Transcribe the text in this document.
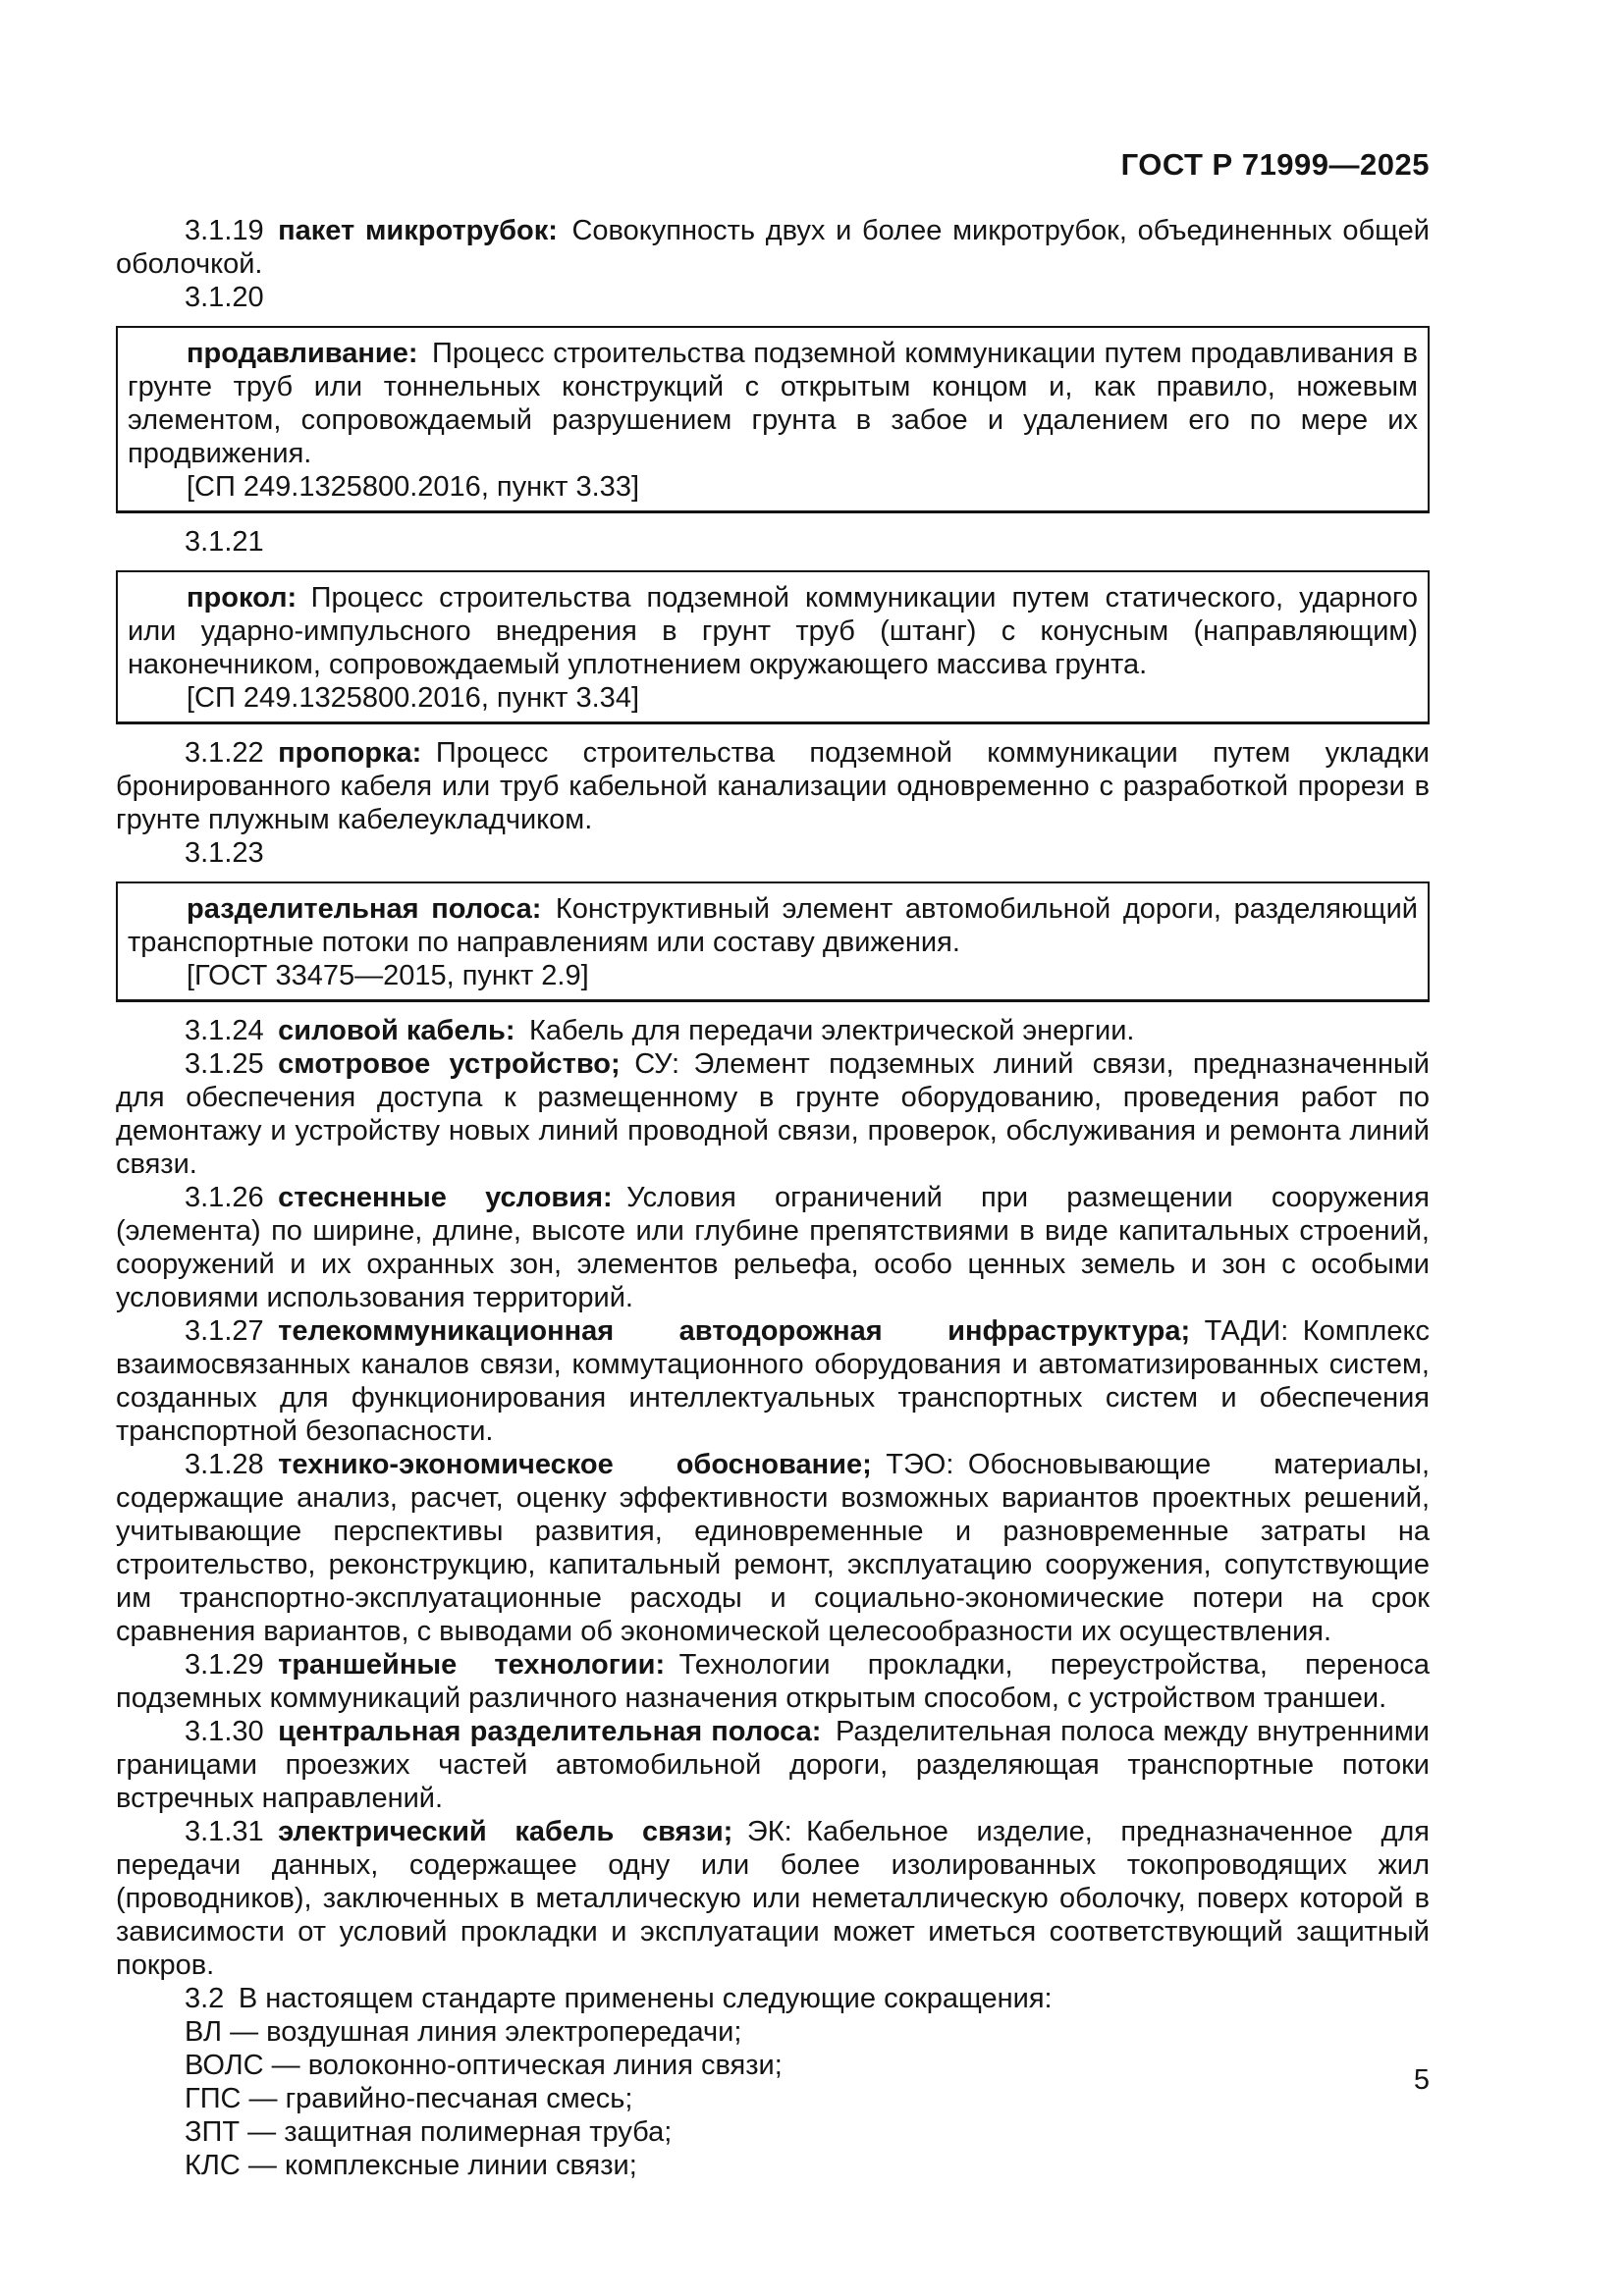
ГОСТ Р 71999—2025

3.1.19 пакет микротрубок: Совокупность двух и более микротрубок, объединенных общей оболочкой.

3.1.20

продавливание: Процесс строительства подземной коммуникации путем продавливания в грунте труб или тоннельных конструкций с открытым концом и, как правило, ножевым элементом, сопровождаемый разрушением грунта в забое и удалением его по мере их продвижения.

[СП 249.1325800.2016, пункт 3.33]

3.1.21

прокол: Процесс строительства подземной коммуникации путем статического, ударного или ударно-импульсного внедрения в грунт труб (штанг) с конусным (направляющим) наконечником, сопровождаемый уплотнением окружающего массива грунта.

[СП 249.1325800.2016, пункт 3.34]

3.1.22 пропорка: Процесс строительства подземной коммуникации путем укладки бронированного кабеля или труб кабельной канализации одновременно с разработкой прорези в грунте плужным кабелеукладчиком.

3.1.23

разделительная полоса: Конструктивный элемент автомобильной дороги, разделяющий транспортные потоки по направлениям или составу движения.

[ГОСТ 33475—2015, пункт 2.9]

3.1.24 силовой кабель: Кабель для передачи электрической энергии.

3.1.25 смотровое устройство; СУ: Элемент подземных линий связи, предназначенный для обеспечения доступа к размещенному в грунте оборудованию, проведения работ по демонтажу и устройству новых линий проводной связи, проверок, обслуживания и ремонта линий связи.

3.1.26 стесненные условия: Условия ограничений при размещении сооружения (элемента) по ширине, длине, высоте или глубине препятствиями в виде капитальных строений, сооружений и их охранных зон, элементов рельефа, особо ценных земель и зон с особыми условиями использования территорий.

3.1.27 телекоммуникационная автодорожная инфраструктура; ТАДИ: Комплекс взаимосвязанных каналов связи, коммутационного оборудования и автоматизированных систем, созданных для функционирования интеллектуальных транспортных систем и обеспечения транспортной безопасности.

3.1.28 технико-экономическое обоснование; ТЭО: Обосновывающие материалы, содержащие анализ, расчет, оценку эффективности возможных вариантов проектных решений, учитывающие перспективы развития, единовременные и разновременные затраты на строительство, реконструкцию, капитальный ремонт, эксплуатацию сооружения, сопутствующие им транспортно-эксплуатационные расходы и социально-экономические потери на срок сравнения вариантов, с выводами об экономической целесообразности их осуществления.

3.1.29 траншейные технологии: Технологии прокладки, переустройства, переноса подземных коммуникаций различного назначения открытым способом, с устройством траншеи.

3.1.30 центральная разделительная полоса: Разделительная полоса между внутренними границами проезжих частей автомобильной дороги, разделяющая транспортные потоки встречных направлений.

3.1.31 электрический кабель связи; ЭК: Кабельное изделие, предназначенное для передачи данных, содержащее одну или более изолированных токопроводящих жил (проводников), заключенных в металлическую или неметаллическую оболочку, поверх которой в зависимости от условий прокладки и эксплуатации может иметься соответствующий защитный покров.

3.2 В настоящем стандарте применены следующие сокращения:

ВЛ — воздушная линия электропередачи;

ВОЛС — волоконно-оптическая линия связи;

ГПС — гравийно-песчаная смесь;

ЗПТ — защитная полимерная труба;

КЛС — комплексные линии связи;

5
